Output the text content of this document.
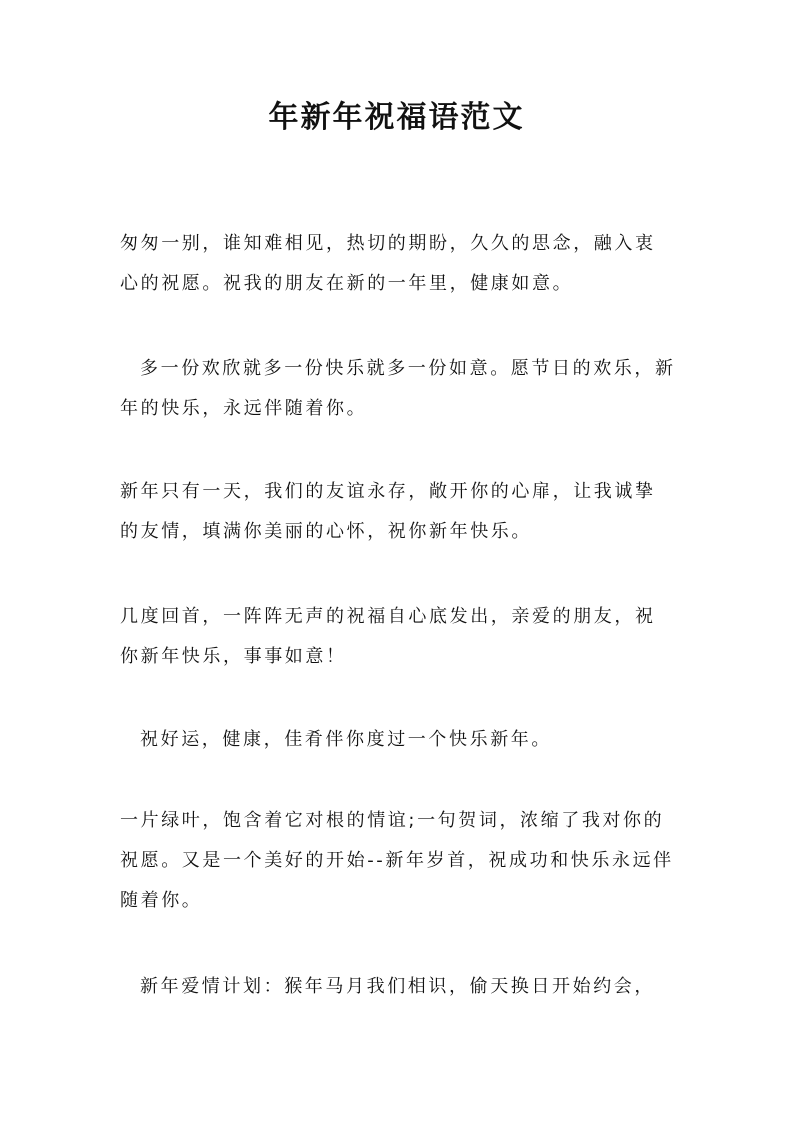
年新年祝福语范文
匆匆一别，谁知难相见，热切的期盼，久久的思念，融入衷心的祝愿。祝我的朋友在新的一年里，健康如意。
多一份欢欣就多一份快乐就多一份如意。愿节日的欢乐，新年的快乐，永远伴随着你。
新年只有一天，我们的友谊永存，敞开你的心扉，让我诚挚的友情，填满你美丽的心怀，祝你新年快乐。
几度回首，一阵阵无声的祝福自心底发出，亲爱的朋友，祝你新年快乐，事事如意！
祝好运，健康，佳肴伴你度过一个快乐新年。
一片绿叶，饱含着它对根的情谊;一句贺词，浓缩了我对你的祝愿。又是一个美好的开始--新年岁首，祝成功和快乐永远伴随着你。
新年爱情计划：猴年马月我们相识，偷天换日开始约会，
